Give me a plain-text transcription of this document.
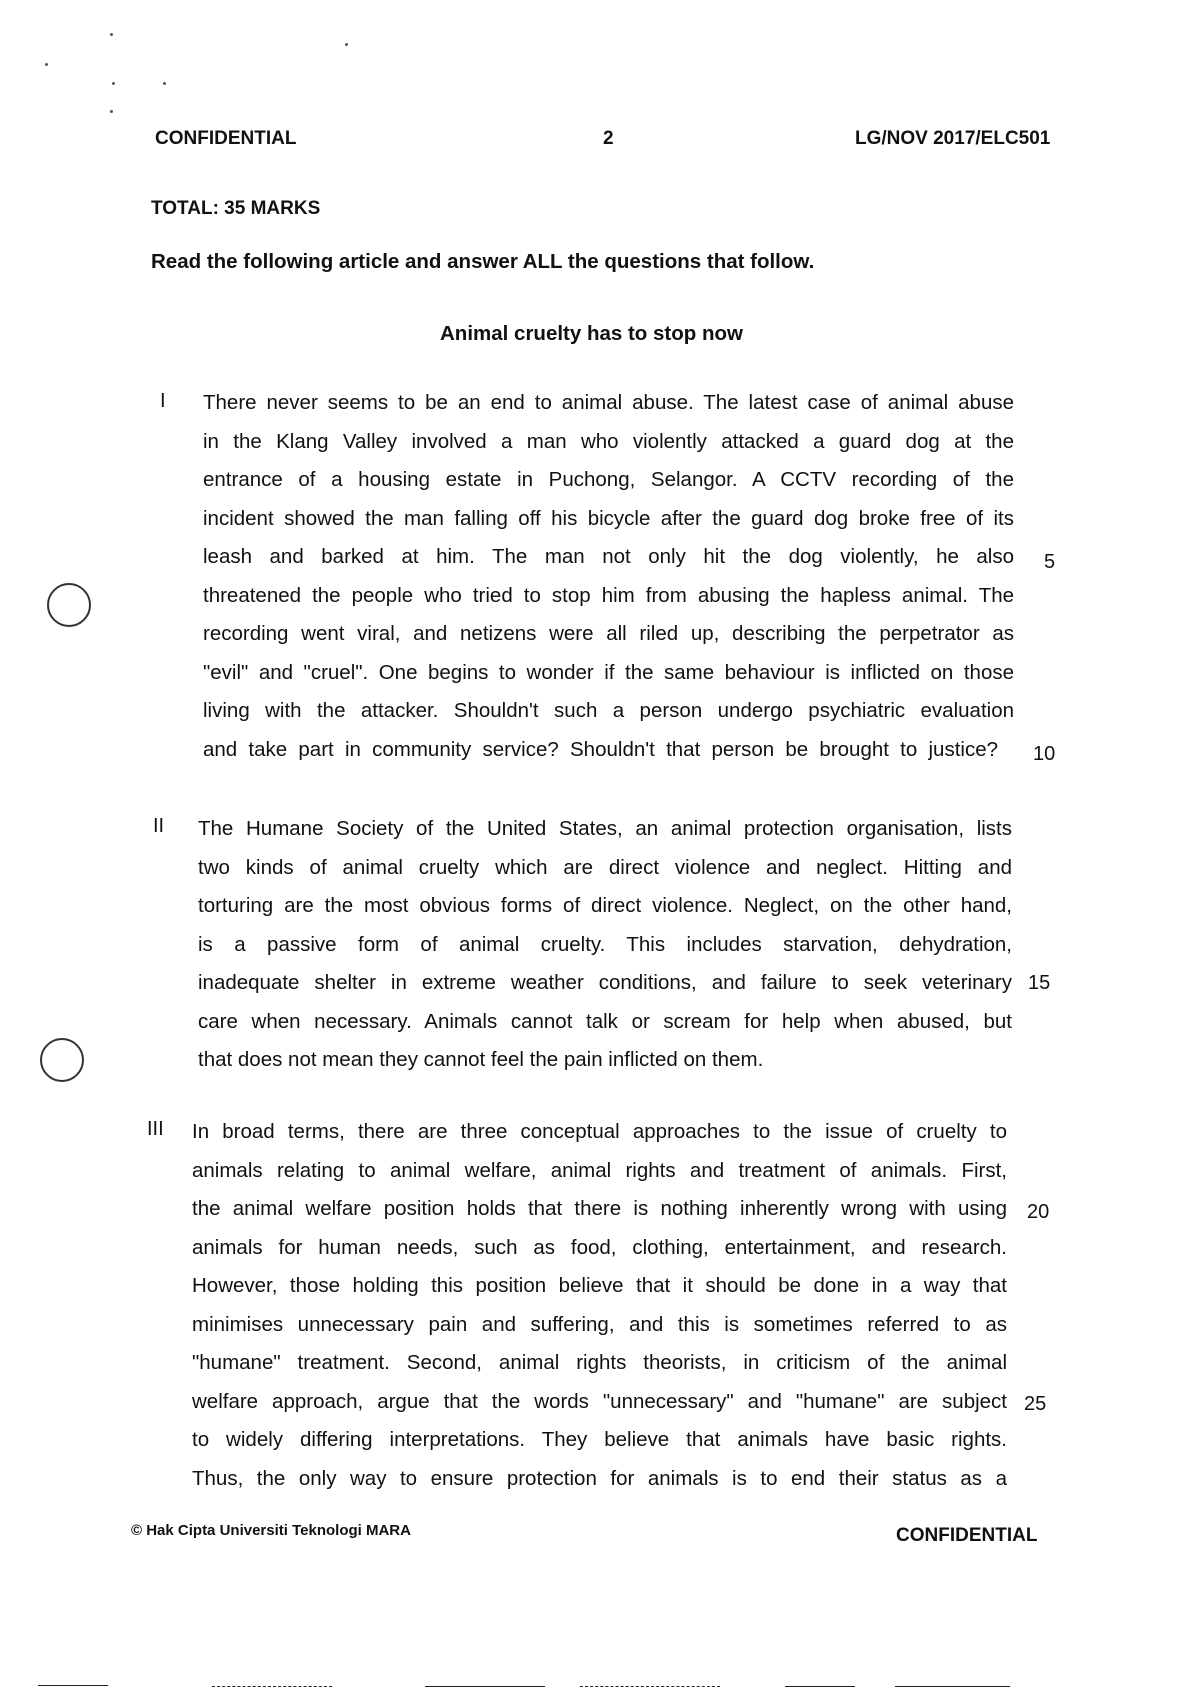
CONFIDENTIAL	2	LG/NOV 2017/ELC501
TOTAL: 35 MARKS
Read the following article and answer ALL the questions that follow.
Animal cruelty has to stop now
I There never seems to be an end to animal abuse. The latest case of animal abuse
in the Klang Valley involved a man who violently attacked a guard dog at the
entrance of a housing estate in Puchong, Selangor. A CCTV recording of the
incident showed the man falling off his bicycle after the guard dog broke free of its
leash and barked at him. The man not only hit the dog violently, he also
threatened the people who tried to stop him from abusing the hapless animal. The
recording went viral, and netizens were all riled up, describing the perpetrator as
"evil" and "cruel". One begins to wonder if the same behaviour is inflicted on those
living with the attacker. Shouldn't such a person undergo psychiatric evaluation
and take part in community service? Shouldn't that person be brought to justice?
5
10
II The Humane Society of the United States, an animal protection organisation, lists
two kinds of animal cruelty which are direct violence and neglect. Hitting and
torturing are the most obvious forms of direct violence. Neglect, on the other hand,
is a passive form of animal cruelty. This includes starvation, dehydration,
inadequate shelter in extreme weather conditions, and failure to seek veterinary
care when necessary. Animals cannot talk or scream for help when abused, but
that does not mean they cannot feel the pain inflicted on them.
15
III In broad terms, there are three conceptual approaches to the issue of cruelty to
animals relating to animal welfare, animal rights and treatment of animals. First,
the animal welfare position holds that there is nothing inherently wrong with using
animals for human needs, such as food, clothing, entertainment, and research.
However, those holding this position believe that it should be done in a way that
minimises unnecessary pain and suffering, and this is sometimes referred to as
"humane" treatment. Second, animal rights theorists, in criticism of the animal
welfare approach, argue that the words "unnecessary" and "humane" are subject
to widely differing interpretations. They believe that animals have basic rights.
Thus, the only way to ensure protection for animals is to end their status as a
20
25
© Hak Cipta Universiti Teknologi MARA	CONFIDENTIAL
